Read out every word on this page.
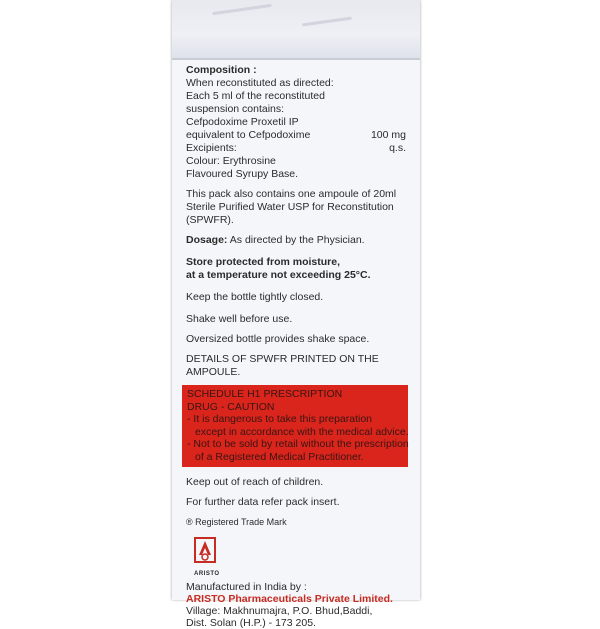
Composition :

When reconstituted as directed:

Each 5 ml of the reconstituted

suspension contains:

Cefpodoxime Proxetil IP

equivalent to Cefpodoxime	100 mg
Excipients:	q.s.

Colour: Erythrosine

Flavoured Syrupy Base.

This pack also contains one ampoule of 20ml

Sterile Purified Water USP for Reconstitution

(SPWFR).

Dosage: As directed by the Physician.

Store protected from moisture,

at a temperature not exceeding 25°C.

Keep the bottle tightly closed.

Shake well before use.

Oversized bottle provides shake space.

DETAILS OF SPWFR PRINTED ON THE

AMPOULE.

SCHEDULE H1 PRESCRIPTION

DRUG - CAUTION

- It is dangerous to take this preparation

except in accordance with the medical advice.

- Not to be sold by retail without the prescription

of a Registered Medical Practitioner.

Keep out of reach of children.

For further data refer pack insert.

® Registered Trade Mark

ARISTO

Manufactured in India by :

ARISTO Pharmaceuticals Private Limited.

Village: Makhnumajra, P.O. Bhud,Baddi,

Dist. Solan (H.P.) - 173 205.
